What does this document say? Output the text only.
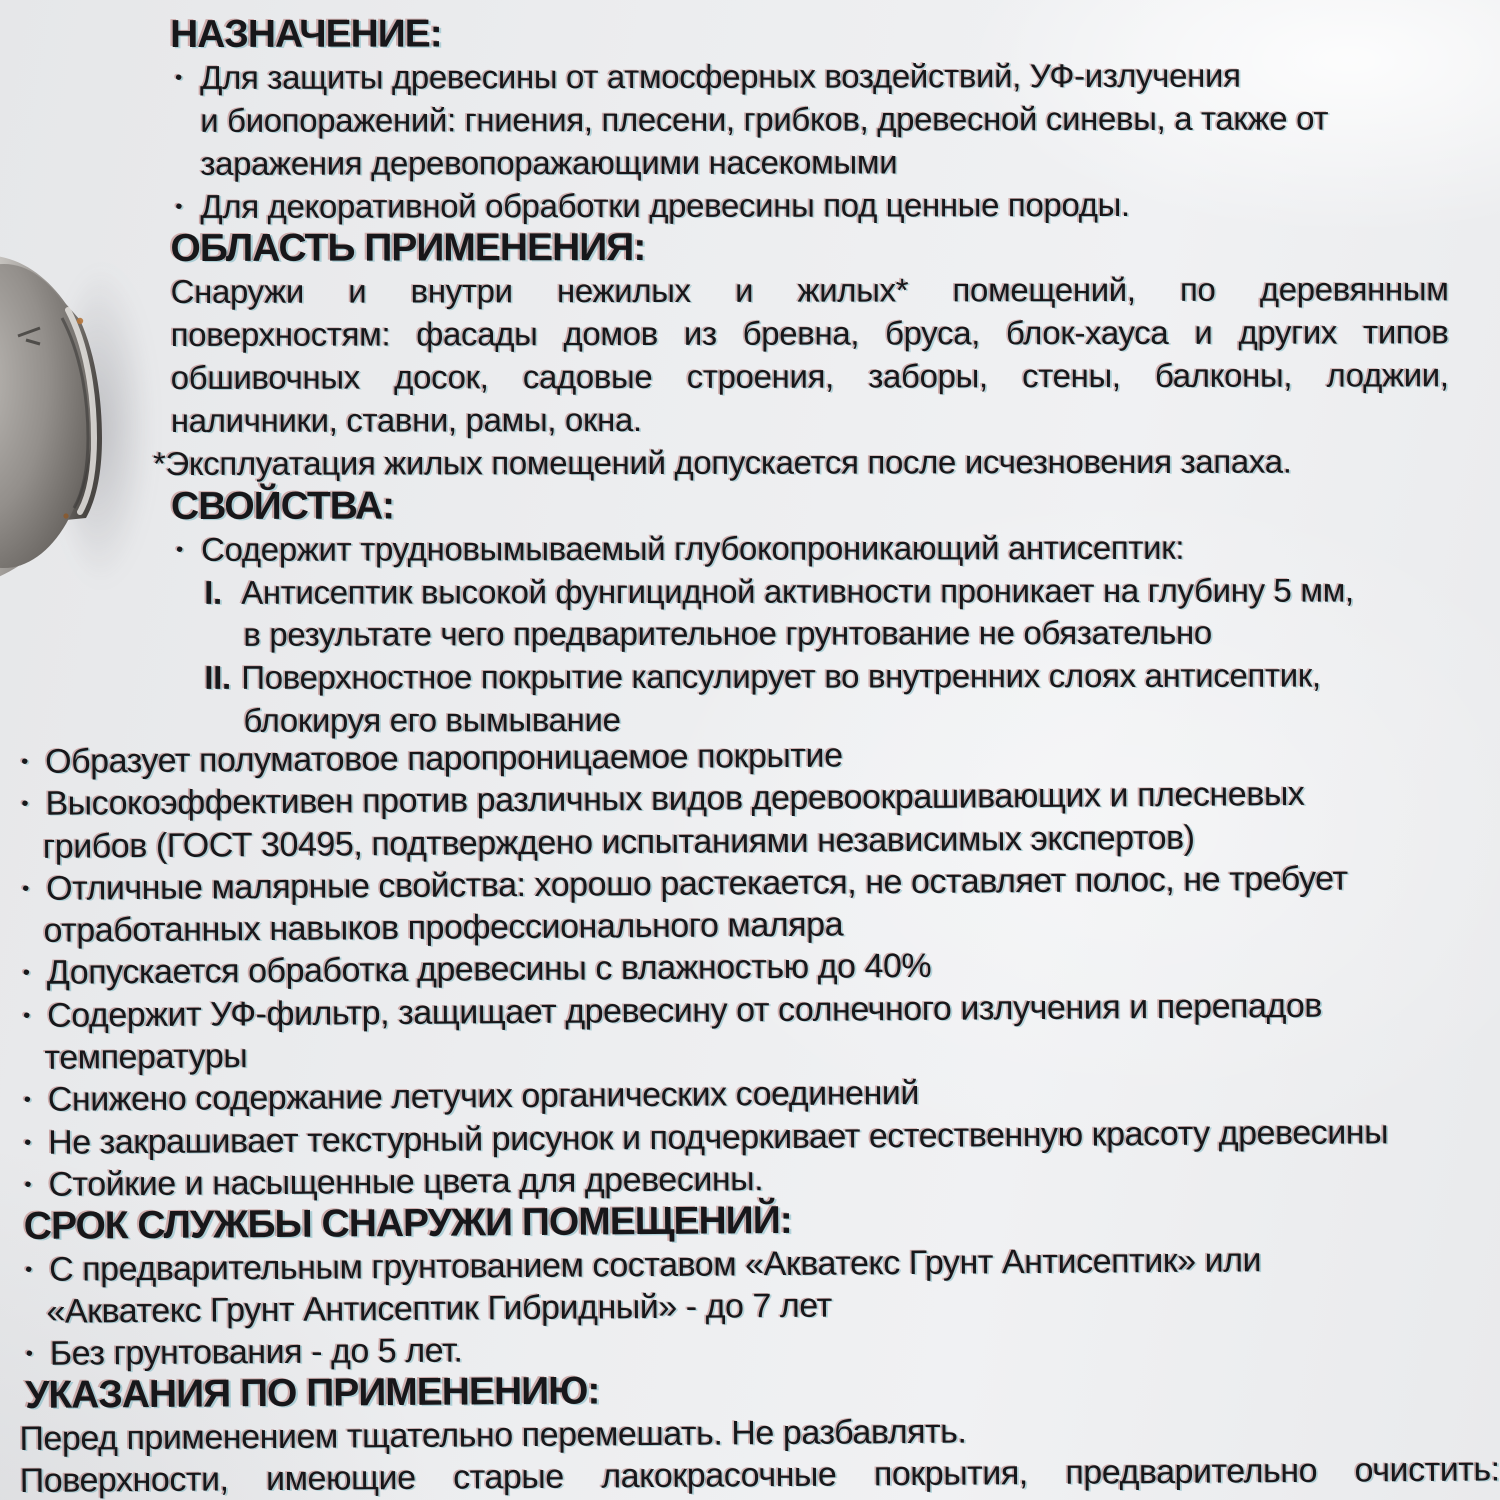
НАЗНАЧЕНИЕ:
• Для защиты древесины от атмосферных воздействий, УФ-излучения
и биопоражений: гниения, плесени, грибков, древесной синевы, а также от
заражения деревопоражающими насекомыми
• Для декоративной обработки древесины под ценные породы.
ОБЛАСТЬ ПРИМЕНЕНИЯ:
Снаружи и внутри нежилых и жилых* помещений, по деревянным
поверхностям: фасады домов из бревна, бруса, блок-хауса и других типов
обшивочных досок, садовые строения, заборы, стены, балконы, лоджии,
наличники, ставни, рамы, окна.
*Эксплуатация жилых помещений допускается после исчезновения запаха.
СВОЙСТВА:
• Содержит трудновымываемый глубокопроникающий антисептик:
I. Антисептик высокой фунгицидной активности проникает на глубину 5 мм,
в результате чего предварительное грунтование не обязательно
II. Поверхностное покрытие капсулирует во внутренних слоях антисептик,
блокируя его вымывание
• Образует полуматовое паропроницаемое покрытие
• Высокоэффективен против различных видов деревоокрашивающих и плесневых
грибов (ГОСТ 30495, подтверждено испытаниями независимых экспертов)
• Отличные малярные свойства: хорошо растекается, не оставляет полос, не требует
отработанных навыков профессионального маляра
• Допускается обработка древесины с влажностью до 40%
• Содержит УФ-фильтр, защищает древесину от солнечного излучения и перепадов
температуры
• Снижено содержание летучих органических соединений
• Не закрашивает текстурный рисунок и подчеркивает естественную красоту древесины
• Стойкие и насыщенные цвета для древесины.
СРОК СЛУЖБЫ СНАРУЖИ ПОМЕЩЕНИЙ:
• С предварительным грунтованием составом «Акватекс Грунт Антисептик» или
«Акватекс Грунт Антисептик Гибридный» - до 7 лет
• Без грунтования - до 5 лет.
УКАЗАНИЯ ПО ПРИМЕНЕНИЮ:
Перед применением тщательно перемешать. Не разбавлять.
Поверхности, имеющие старые лакокрасочные покрытия, предварительно очистить:
